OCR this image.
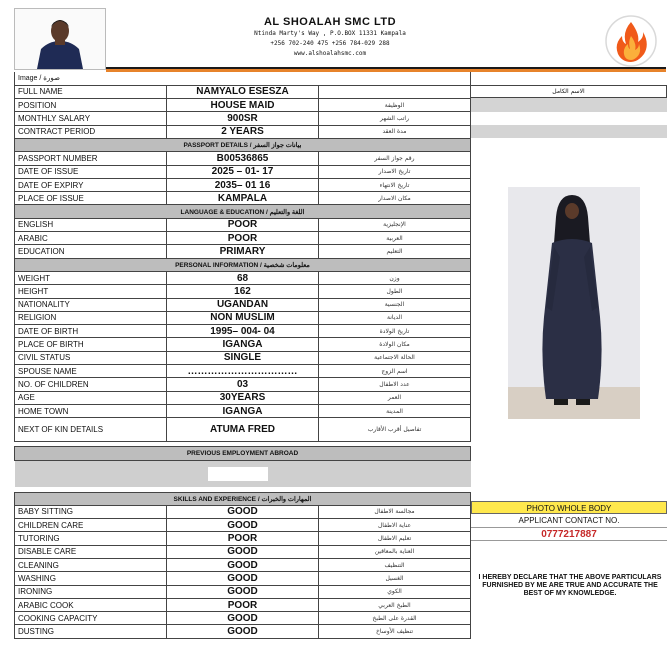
AL SHOALAH SMC LTD
Ntinda Marty's Way , P.O.BOX 11331 Kampala
+256 702-240 475 +256 784-029 288
www.alshoalahsmc.com
Image / صورة		
FULL NAME	NAMYALO ESESZA	
POSITION	HOUSE MAID	الوظيفة
MONTHLY SALARY	900SR	راتب الشهر
CONTRACT PERIOD	2 YEARS	مدة العقد
PASSPORT DETAILS / بيانات جواز السفر		
PASSPORT NUMBER	B00536865	رقم جواز السفر
DATE OF ISSUE	2025 – 01- 17	تاريخ الاصدار
DATE OF EXPIRY	2035– 01 16	تاريخ الانتهاء
PLACE OF ISSUE	KAMPALA	مكان الاصدار
LANGUAGE & EDUCATION / اللغة والتعليم		
ENGLISH	POOR	الإنجليزية
ARABIC	POOR	العربية
EDUCATION	PRIMARY	التعليم
PERSONAL INFORMATION / معلومات شخصية		
WEIGHT	68	وزن
HEIGHT	162	الطول
NATIONALITY	UGANDAN	الجنسية
RELIGION	NON MUSLIM	الديانة
DATE OF BIRTH	1995– 004- 04	تاريخ الولادة
PLACE OF BIRTH	IGANGA	مكان الولادة
CIVIL STATUS	SINGLE	الحالة الاجتماعية
SPOUSE NAME	……………………………	اسم الزوج
NO. OF CHILDREN	03	عدد الاطفال
AGE	30YEARS	العمر
HOME TOWN	IGANGA	المدينة
NEXT OF KIN DETAILS	ATUMA FRED	تفاصيل أقرب الأقارب

PREVIOUS EMPLOYMENT ABROAD		

SKILLS AND EXPERIENCE / المهارات والخبرات		
BABY SITTING	GOOD	مجالسة الاطفال
CHILDREN CARE	GOOD	عناية الاطفال
TUTORING	POOR	تعليم الاطفال
DISABLE CARE	GOOD	العناية بالمعاقين
CLEANING	GOOD	التنظيف
WASHING	GOOD	الغسيل
IRONING	GOOD	الكوي
ARABIC COOK	POOR	الطبخ العربي
COOKING CAPACITY	GOOD	القدرة على الطبخ
DUSTING	GOOD	تنظيف الأوساخ
الاسم الكامل
PHOTO WHOLE BODY
APPLICANT CONTACT NO.
0777217887
I HEREBY DECLARE THAT THE ABOVE PARTICULARS FURNISHED BY ME ARE TRUE AND ACCURATE THE BEST OF MY KNOWLEDGE.
